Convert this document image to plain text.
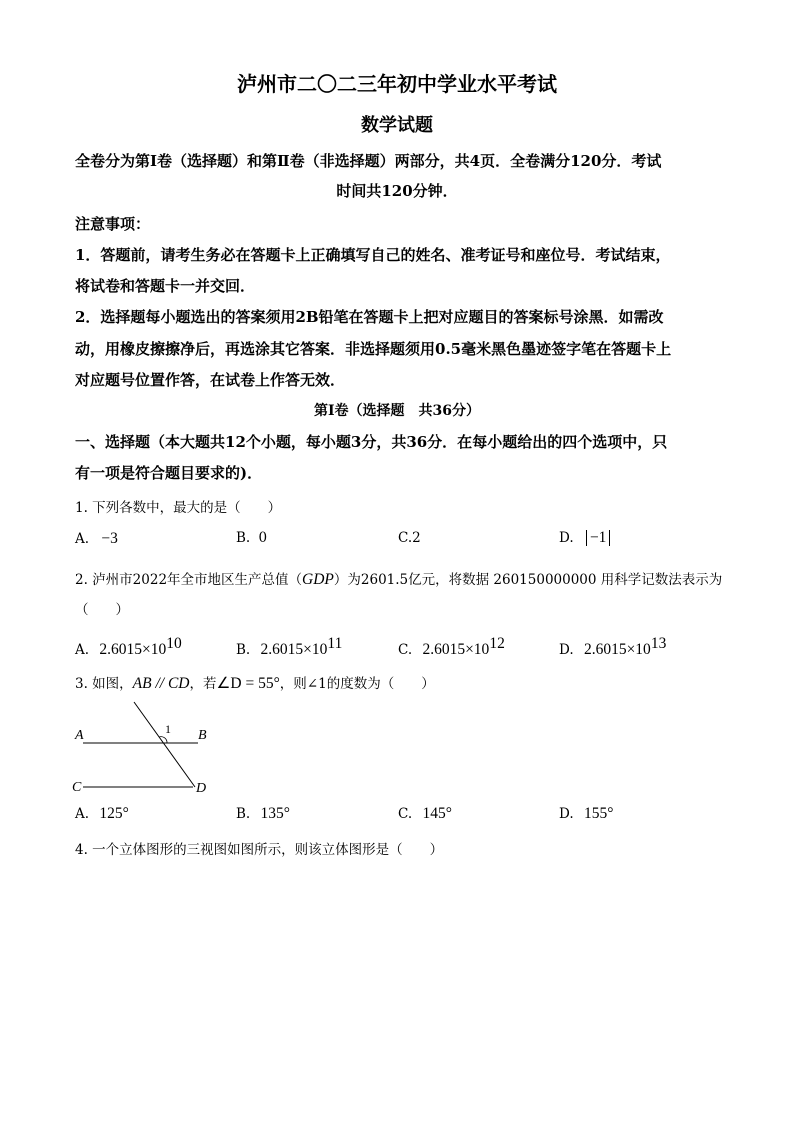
泸州市二〇二三年初中学业水平考试
数学试题
全卷分为第Ⅰ卷（选择题）和第Ⅱ卷（非选择题）两部分，共4页．全卷满分120分．考试
时间共120分钟．
注意事项：
1．答题前，请考生务必在答题卡上正确填写自己的姓名、准考证号和座位号．考试结束，
将试卷和答题卡一并交回．
2．选择题每小题选出的答案须用2B铅笔在答题卡上把对应题目的答案标号涂黑．如需改
动，用橡皮擦擦净后，再选涂其它答案．非选择题须用0.5毫米黑色墨迹签字笔在答题卡上
对应题号位置作答，在试卷上作答无效．
第Ⅰ卷（选择题　共36分）
一、选择题（本大题共12个小题，每小题3分，共36分．在每小题给出的四个选项中，只
有一项是符合题目要求的)．
1. 下列各数中，最大的是（　　）
A. −3	B. 0	C.2	D. −1
2. 泸州市2022年全市地区生产总值（GDP）为2601.5亿元，将数据 260150000000 用科学记数法表示为
（　　）
A. $2.6015\times 10^{10}$	B. $2.6015\times 10^{11}$	C. $2.6015\times 10^{12}$	D. $2.6015\times 10^{13}$
3. 如图，AB // CD，若∠D = 55°，则∠1的度数为（　　）
A	B
C	D
1
A. 125°	B. 135°	C. 145°	D. 155°
4. 一个立体图形的三视图如图所示，则该立体图形是（　　）
